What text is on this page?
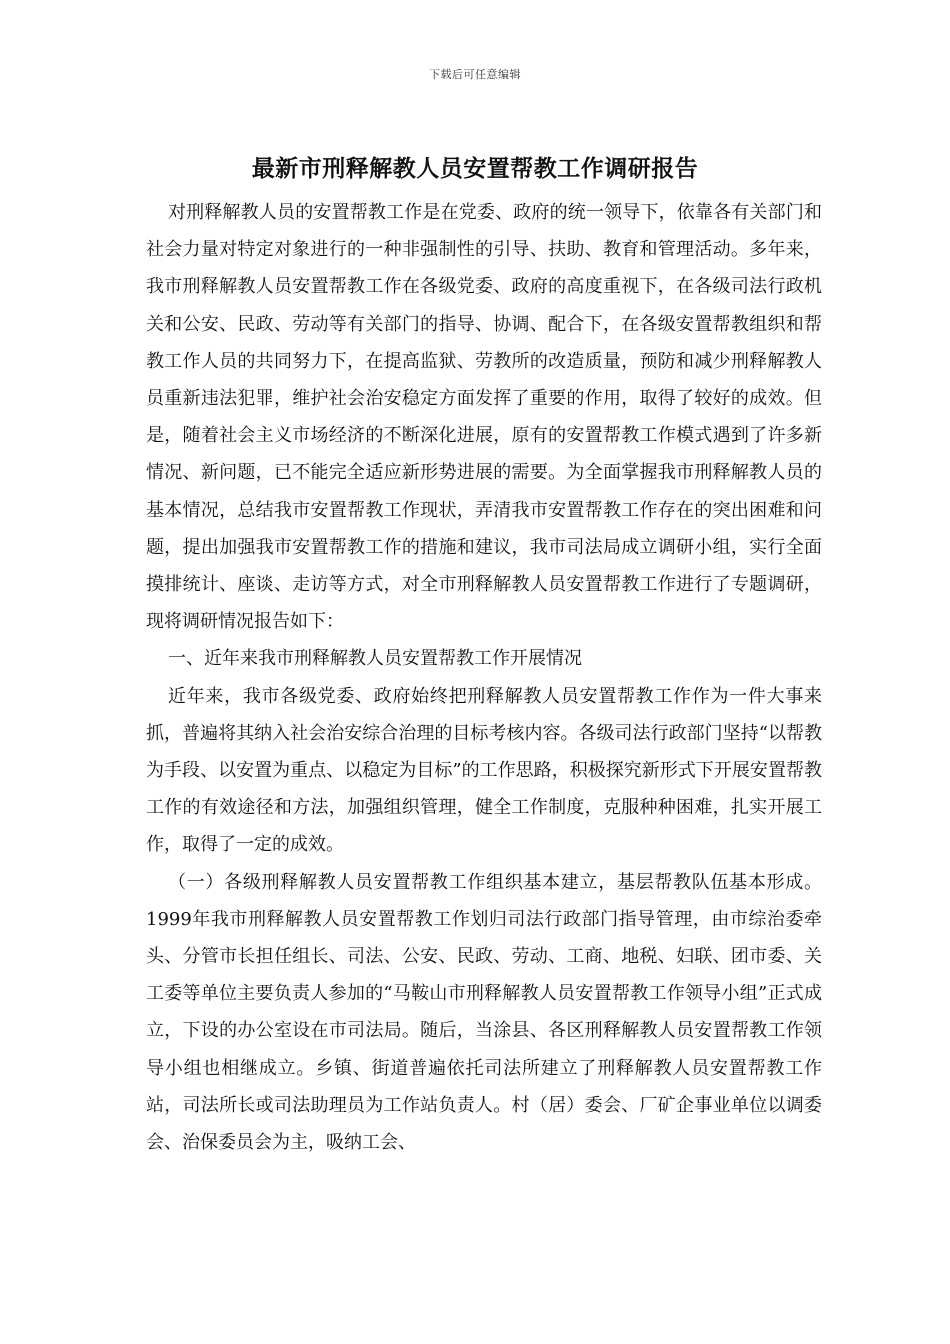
下载后可任意编辑
最新市刑释解教人员安置帮教工作调研报告

对刑释解教人员的安置帮教工作是在党委、政府的统一领导下，依靠各有关部门和社会力量对特定对象进行的一种非强制性的引导、扶助、教育和管理活动。多年来，我市刑释解教人员安置帮教工作在各级党委、政府的高度重视下，在各级司法行政机关和公安、民政、劳动等有关部门的指导、协调、配合下，在各级安置帮教组织和帮教工作人员的共同努力下，在提高监狱、劳教所的改造质量，预防和减少刑释解教人员重新违法犯罪，维护社会治安稳定方面发挥了重要的作用，取得了较好的成效。但是，随着社会主义市场经济的不断深化进展，原有的安置帮教工作模式遇到了许多新情况、新问题，已不能完全适应新形势进展的需要。为全面掌握我市刑释解教人员的基本情况，总结我市安置帮教工作现状，弄清我市安置帮教工作存在的突出困难和问题，提出加强我市安置帮教工作的措施和建议，我市司法局成立调研小组，实行全面摸排统计、座谈、走访等方式，对全市刑释解教人员安置帮教工作进行了专题调研，现将调研情况报告如下：

一、近年来我市刑释解教人员安置帮教工作开展情况

近年来，我市各级党委、政府始终把刑释解教人员安置帮教工作作为一件大事来抓，普遍将其纳入社会治安综合治理的目标考核内容。各级司法行政部门坚持“以帮教为手段、以安置为重点、以稳定为目标”的工作思路，积极探究新形式下开展安置帮教工作的有效途径和方法，加强组织管理，健全工作制度，克服种种困难，扎实开展工作，取得了一定的成效。

（一）各级刑释解教人员安置帮教工作组织基本建立，基层帮教队伍基本形成。1999年我市刑释解教人员安置帮教工作划归司法行政部门指导管理，由市综治委牵头、分管市长担任组长、司法、公安、民政、劳动、工商、地税、妇联、团市委、关工委等单位主要负责人参加的“马鞍山市刑释解教人员安置帮教工作领导小组”正式成立，下设的办公室设在市司法局。随后，当涂县、各区刑释解教人员安置帮教工作领导小组也相继成立。乡镇、街道普遍依托司法所建立了刑释解教人员安置帮教工作站，司法所长或司法助理员为工作站负责人。村（居）委会、厂矿企事业单位以调委会、治保委员会为主，吸纳工会、
